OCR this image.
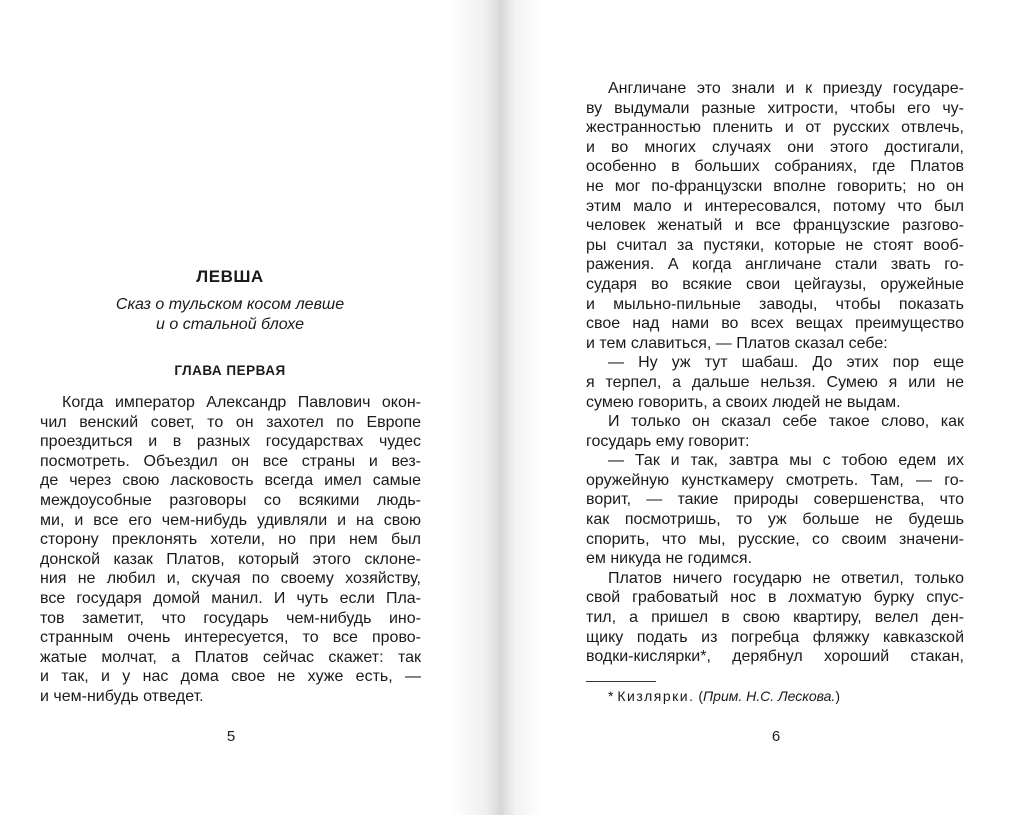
ЛЕВША
Сказ о тульском косом левше
и о стальной блохе
ГЛАВА ПЕРВАЯ
Когда император Александр Павлович окон-
чил венский совет, то он захотел по Европе
проездиться и в разных государствах чудес
посмотреть. Объездил он все страны и вез-
де через свою ласковость всегда имел самые
междоусобные разговоры со всякими людь-
ми, и все его чем-нибудь удивляли и на свою
сторону преклонять хотели, но при нем был
донской казак Платов, который этого склоне-
ния не любил и, скучая по своему хозяйству,
все государя домой манил. И чуть если Пла-
тов заметит, что государь чем-нибудь ино-
странным очень интересуется, то все прово-
жатые молчат, а Платов сейчас скажет: так
и так, и у нас дома свое не хуже есть, —
и чем-нибудь отведет.
Англичане это знали и к приезду государе-
ву выдумали разные хитрости, чтобы его чу-
жестранностью пленить и от русских отвлечь,
и во многих случаях они этого достигали,
особенно в больших собраниях, где Платов
не мог по-французски вполне говорить; но он
этим мало и интересовался, потому что был
человек женатый и все французские разгово-
ры считал за пустяки, которые не стоят вооб-
ражения. А когда англичане стали звать го-
сударя во всякие свои цейгаузы, оружейные
и мыльно-пильные заводы, чтобы показать
свое над нами во всех вещах преимущество
и тем славиться, — Платов сказал себе:
— Ну уж тут шабаш. До этих пор еще
я терпел, а дальше нельзя. Сумею я или не
сумею говорить, а своих людей не выдам.
И только он сказал себе такое слово, как
государь ему говорит:
— Так и так, завтра мы с тобою едем их
оружейную кунсткамеру смотреть. Там, — го-
ворит, — такие природы совершенства, что
как посмотришь, то уж больше не будешь
спорить, что мы, русские, со своим значени-
ем никуда не годимся.
Платов ничего государю не ответил, только
свой грабоватый нос в лохматую бурку спус-
тил, а пришел в свою квартиру, велел ден-
щику подать из погребца фляжку кавказской
водки-кислярки*, дерябнул хороший стакан,
* Кизлярки. (Прим. Н.С. Лескова.)
5	6
